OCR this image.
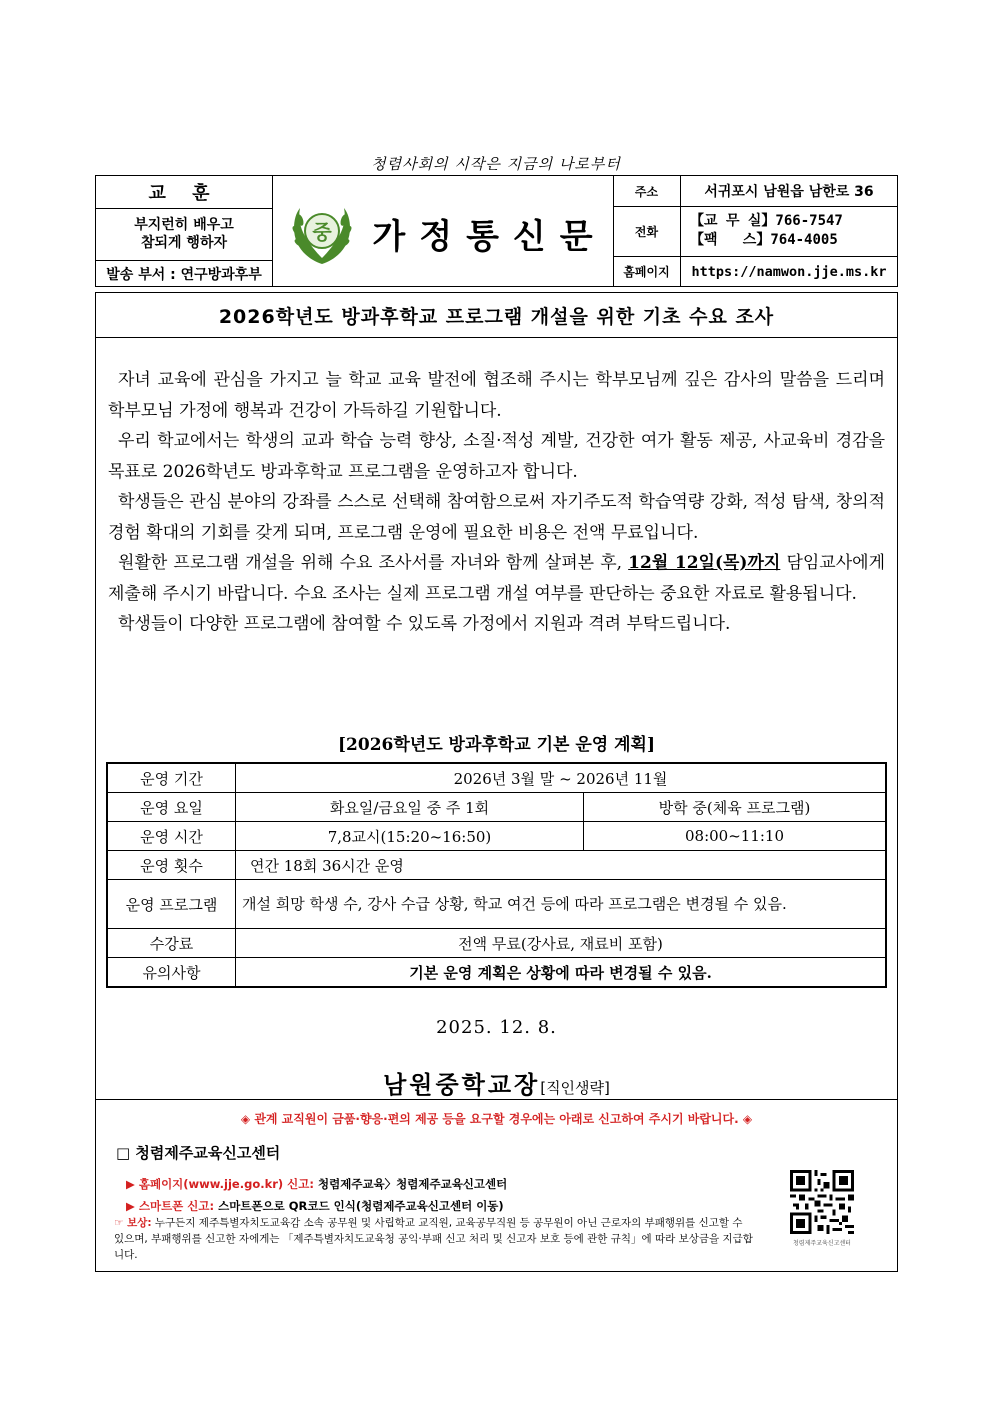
청렴사회의 시작은 지금의 나로부터
교 훈
부지런히 배우고
참되게 행하자
발송 부서 : 연구방과후부
중 가정통신문
주소	서귀포시 남원읍 남한로 36
전화
【교 무 실】766-7547
【팩   스】764-4005
홈페이지	https://namwon.jje.ms.kr
2026학년도 방과후학교 프로그램 개설을 위한 기초 수요 조사

자녀 교육에 관심을 가지고 늘 학교 교육 발전에 협조해 주시는 학부모님께 깊은 감사의 말씀을 드리며 학부모님 가정에 행복과 건강이 가득하길 기원합니다.

우리 학교에서는 학생의 교과 학습 능력 향상, 소질·적성 계발, 건강한 여가 활동 제공, 사교육비 경감을 목표로 2026학년도 방과후학교 프로그램을 운영하고자 합니다.

학생들은 관심 분야의 강좌를 스스로 선택해 참여함으로써 자기주도적 학습역량 강화, 적성 탐색, 창의적 경험 확대의 기회를 갖게 되며, 프로그램 운영에 필요한 비용은 전액 무료입니다.

원활한 프로그램 개설을 위해 수요 조사서를 자녀와 함께 살펴본 후, 12월 12일(목)까지 담임교사에게 제출해 주시기 바랍니다. 수요 조사는 실제 프로그램 개설 여부를 판단하는 중요한 자료로 활용됩니다.

학생들이 다양한 프로그램에 참여할 수 있도록 가정에서 지원과 격려 부탁드립니다.

[2026학년도 방과후학교 기본 운영 계획]
운영 기간	2026년 3월 말 ~ 2026년 11월	
운영 요일	화요일/금요일 중 주 1회	방학 중(체육 프로그램)
운영 시간	7,8교시(15:20~16:50)	08:00~11:10
운영 횟수	연간 18회 36시간 운영	
운영 프로그램	개설 희망 학생 수, 강사 수급 상황, 학교 여건 등에 따라 프로그램은 변경될 수 있음.	
수강료	전액 무료(강사료, 재료비 포함)	
유의사항	기본 운영 계획은 상황에 따라 변경될 수 있음.	
2025. 12. 8.
남원중학교장[직인생략]
◈ 관계 교직원이 금품·향응·편의 제공 등을 요구할 경우에는 아래로 신고하여 주시기 바랍니다. ◈
□ 청렴제주교육신고센터
▶ 홈페이지(www.jje.go.kr) 신고: 청렴제주교육〉청렴제주교육신고센터
▶ 스마트폰 신고: 스마트폰으로 QR코드 인식(청렴제주교육신고센터 이동)
☞ 보상: 누구든지 제주특별자치도교육감 소속 공무원 및 사립학교 교직원, 교육공무직원 등 공무원이 아닌 근로자의 부패행위를 신고할 수 있으며, 부패행위를 신고한 자에게는 「제주특별자치도교육청 공익·부패 신고 처리 및 신고자 보호 등에 관한 규칙」에 따라 보상금을 지급합니다.
청렴제주교육신고센터
